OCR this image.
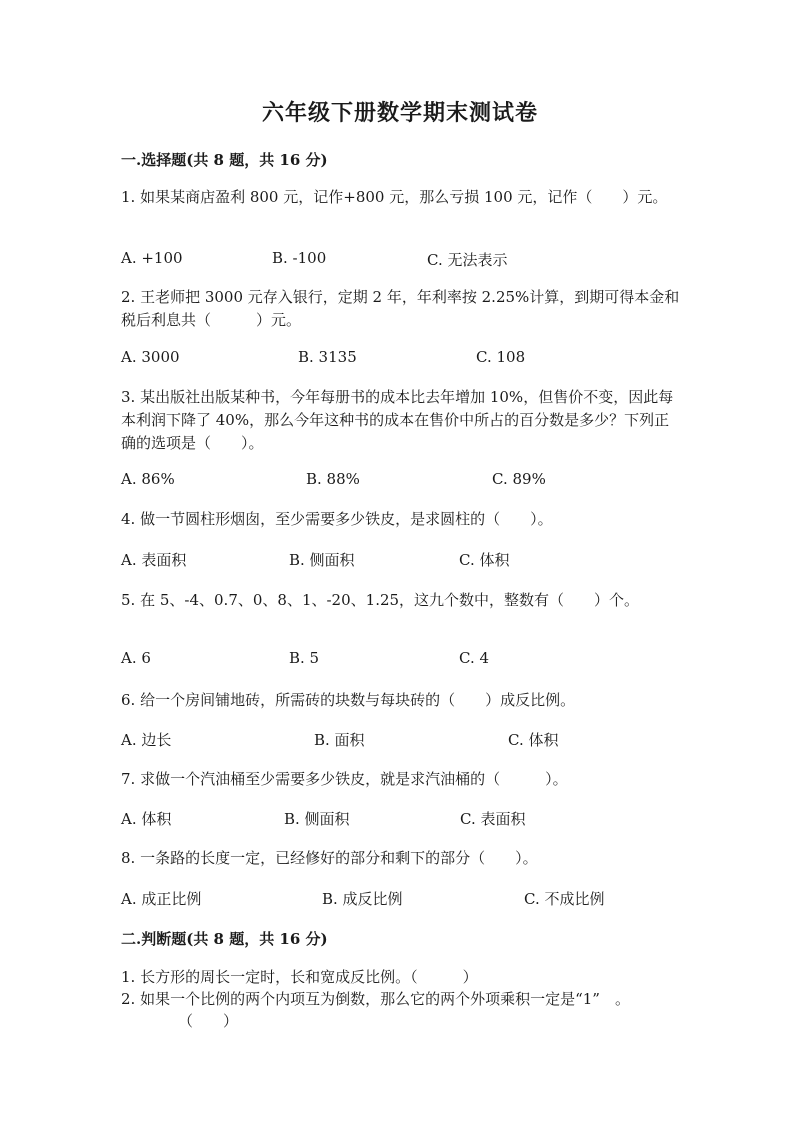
六年级下册数学期末测试卷
一.选择题(共 8 题，共 16 分)
1. 如果某商店盈利 800 元，记作+800 元，那么亏损 100 元，记作（　　）元。
A. +100	B. -100	C. 无法表示
2. 王老师把 3000 元存入银行，定期 2 年，年利率按 2.25%计算，到期可得本金和税后利息共（　　　）元。
A. 3000	B. 3135	C. 108
3. 某出版社出版某种书，今年每册书的成本比去年增加 10%，但售价不变，因此每本利润下降了 40%，那么今年这种书的成本在售价中所占的百分数是多少？下列正确的选项是（　　）。
A. 86%	B. 88%	C. 89%
4. 做一节圆柱形烟囱，至少需要多少铁皮，是求圆柱的（　　）。
A. 表面积	B. 侧面积	C. 体积
5. 在 5、-4、0.7、0、8、1、-20、1.25，这九个数中，整数有（　　）个。
A. 6	B. 5	C. 4
6. 给一个房间铺地砖，所需砖的块数与每块砖的（　　）成反比例。
A. 边长	B. 面积	C. 体积
7. 求做一个汽油桶至少需要多少铁皮，就是求汽油桶的（　　　）。
A. 体积	B. 侧面积	C. 表面积
8. 一条路的长度一定，已经修好的部分和剩下的部分（　　）。
A. 成正比例	B. 成反比例	C. 不成比例
二.判断题(共 8 题，共 16 分)
1. 长方形的周长一定时，长和宽成反比例。（　　　）
2. 如果一个比例的两个内项互为倒数，那么它的两个外项乘积一定是“1”　。
（　　）
